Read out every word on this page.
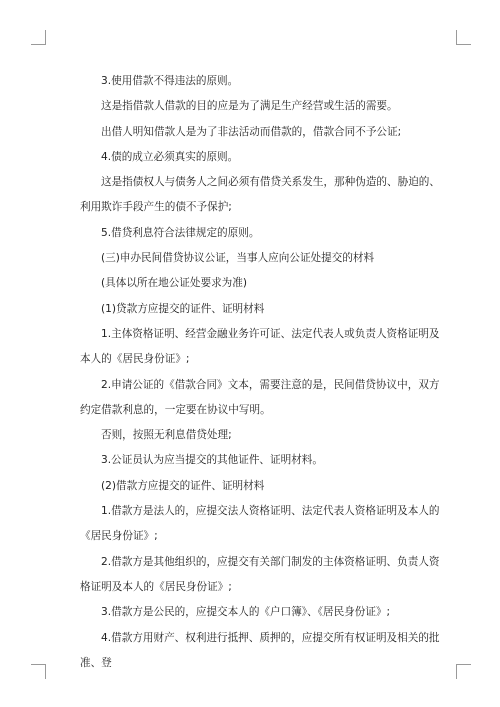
3.使用借款不得违法的原则。

这是指借款人借款的目的应是为了满足生产经营或生活的需要。

出借人明知借款人是为了非法活动而借款的，借款合同不予公证;

4.债的成立必须真实的原则。

这是指债权人与债务人之间必须有借贷关系发生，那种伪造的、胁迫的、利用欺诈手段产生的债不予保护;

5.借贷利息符合法律规定的原则。

(三)申办民间借贷协议公证，当事人应向公证处提交的材料

(具体以所在地公证处要求为准)

(1)贷款方应提交的证件、证明材料

1.主体资格证明、经营金融业务许可证、法定代表人或负责人资格证明及本人的《居民身份证》;

2.申请公证的《借款合同》文本，需要注意的是，民间借贷协议中，双方约定借款利息的，一定要在协议中写明。

否则，按照无利息借贷处理;

3.公证员认为应当提交的其他证件、证明材料。

(2)借款方应提交的证件、证明材料

1.借款方是法人的，应提交法人资格证明、法定代表人资格证明及本人的《居民身份证》;

2.借款方是其他组织的，应提交有关部门制发的主体资格证明、负责人资格证明及本人的《居民身份证》;

3.借款方是公民的，应提交本人的《户口簿》、《居民身份证》;

4.借款方用财产、权利进行抵押、质押的，应提交所有权证明及相关的批准、登
